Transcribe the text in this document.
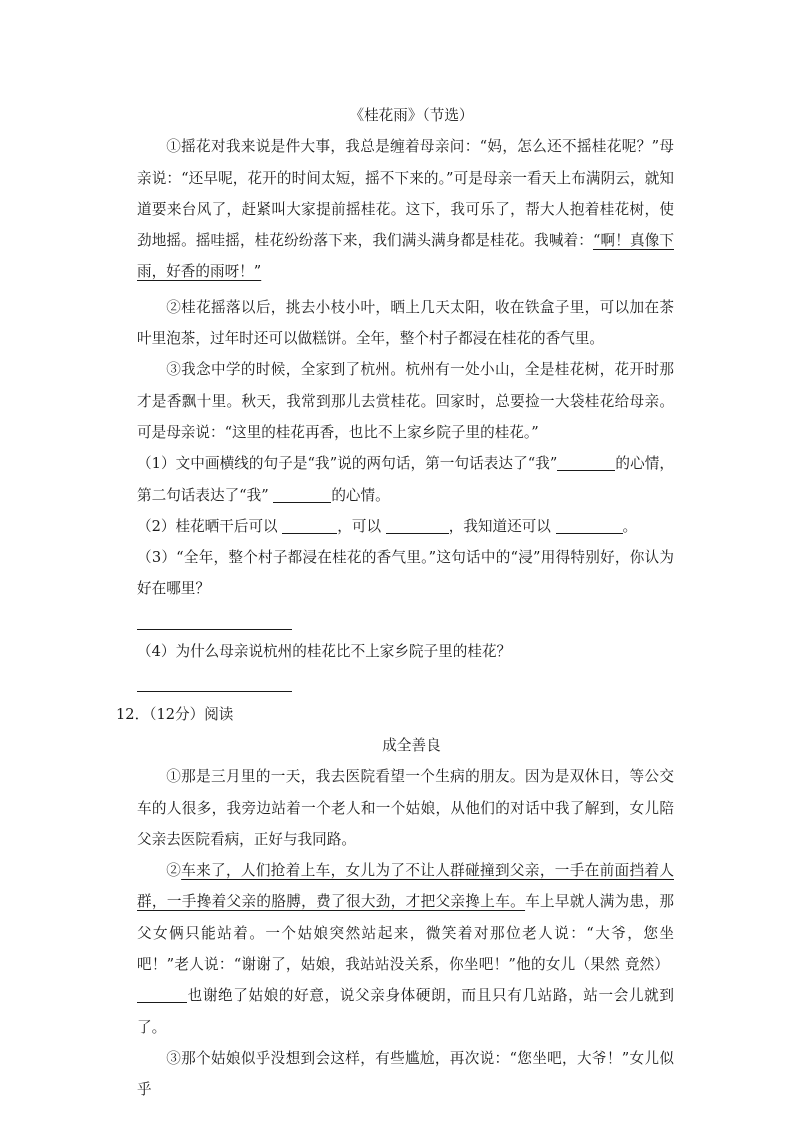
《桂花雨》（节选）

①摇花对我来说是件大事，我总是缠着母亲问：“妈，怎么还不摇桂花呢？”母亲说：“还早呢，花开的时间太短，摇不下来的。”可是母亲一看天上布满阴云，就知道要来台风了，赶紧叫大家提前摇桂花。这下，我可乐了，帮大人抱着桂花树，使劲地摇。摇哇摇，桂花纷纷落下来，我们满头满身都是桂花。我喊着：“啊！真像下雨，好香的雨呀！”

②桂花摇落以后，挑去小枝小叶，晒上几天太阳，收在铁盒子里，可以加在茶叶里泡茶，过年时还可以做糕饼。全年，整个村子都浸在桂花的香气里。

③我念中学的时候，全家到了杭州。杭州有一处小山，全是桂花树，花开时那才是香飘十里。秋天，我常到那儿去赏桂花。回家时，总要捡一大袋桂花给母亲。可是母亲说：“这里的桂花再香，也比不上家乡院子里的桂花。”

（1）文中画横线的句子是“我”说的两句话，第一句话表达了“我”	的心情，第二句话表达了“我”	的心情。

（2）桂花晒干后可以	，可以	，我知道还可以	。

（3）“全年，整个村子都浸在桂花的香气里。”这句话中的“浸”用得特别好，你认为好在哪里？

（4）为什么母亲说杭州的桂花比不上家乡院子里的桂花？

12．（12分）阅读
成全善良

①那是三月里的一天，我去医院看望一个生病的朋友。因为是双休日，等公交车的人很多，我旁边站着一个老人和一个姑娘，从他们的对话中我了解到，女儿陪父亲去医院看病，正好与我同路。

②车来了，人们抢着上车，女儿为了不让人群碰撞到父亲，一手在前面挡着人群，一手搀着父亲的胳膊，费了很大劲，才把父亲搀上车。车上早就人满为患，那父女俩只能站着。一个姑娘突然站起来，微笑着对那位老人说：“大爷，您坐吧！”老人说：“谢谢了，姑娘，我站站没关系，你坐吧！”他的女儿（果然 竟然） 也谢绝了姑娘的好意，说父亲身体硬朗，而且只有几站路，站一会儿就到了。

③那个姑娘似乎没想到会这样，有些尴尬，再次说：“您坐吧，大爷！”女儿似乎
